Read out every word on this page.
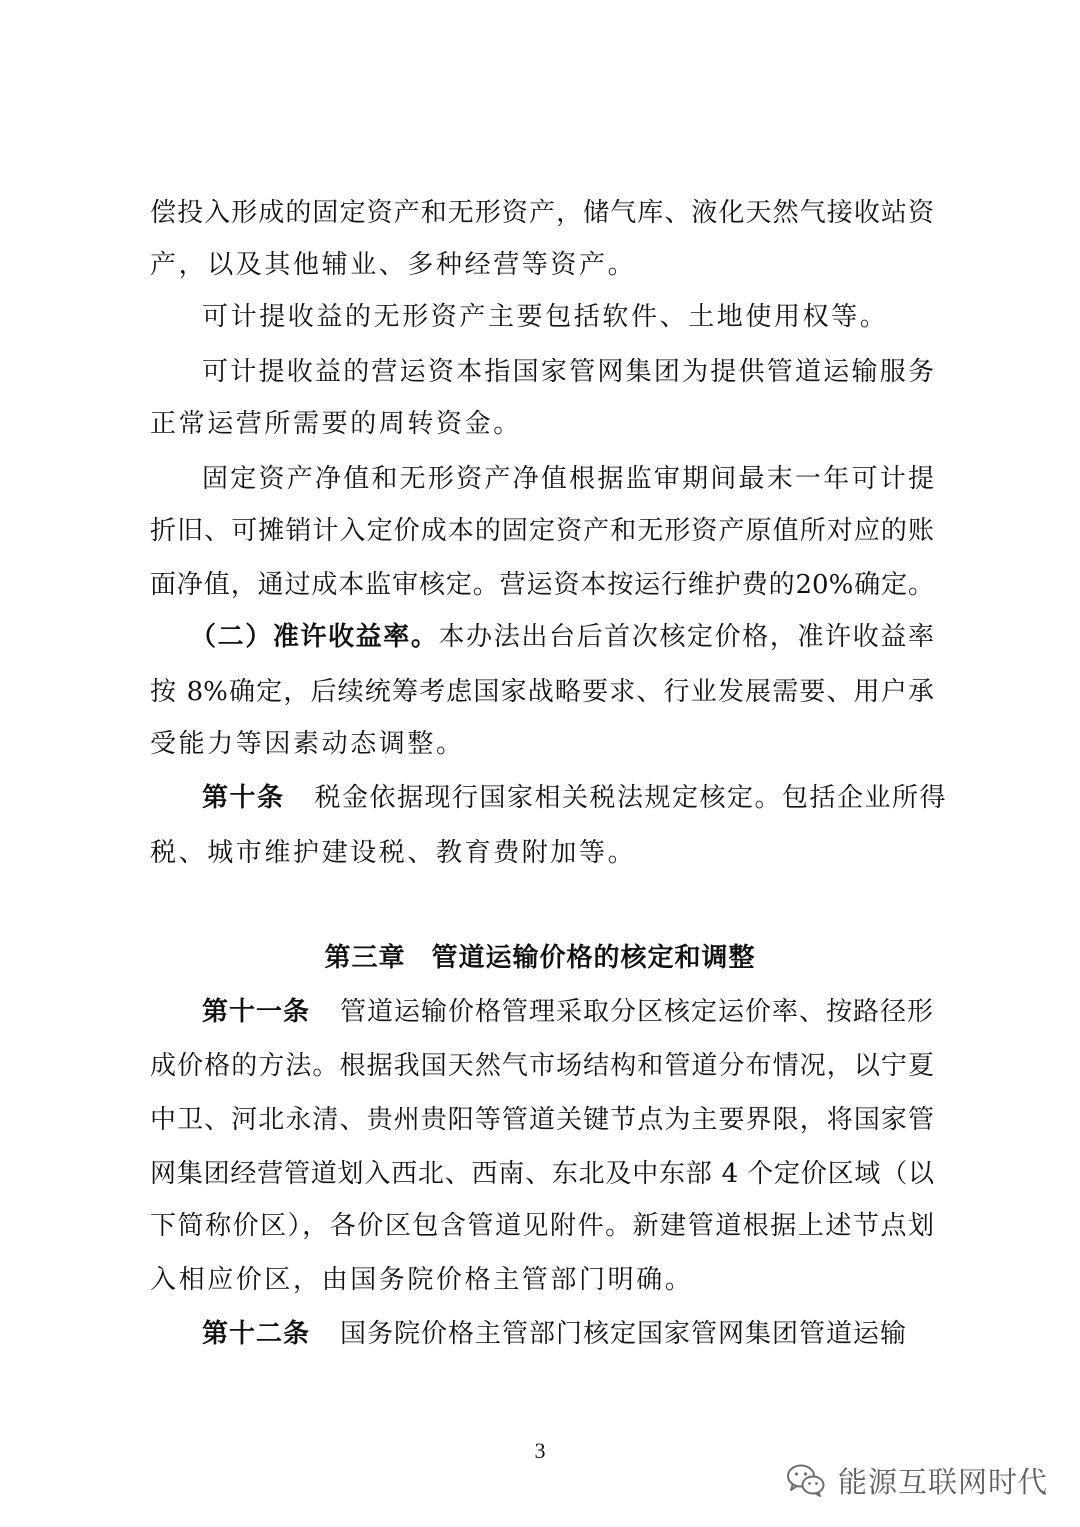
偿投入形成的固定资产和无形资产，储气库、液化天然气接收站资
产，以及其他辅业、多种经营等资产。
可计提收益的无形资产主要包括软件、土地使用权等。
可计提收益的营运资本指国家管网集团为提供管道运输服务
正常运营所需要的周转资金。
固定资产净值和无形资产净值根据监审期间最末一年可计提
折旧、可摊销计入定价成本的固定资产和无形资产原值所对应的账
面净值，通过成本监审核定。营运资本按运行维护费的20%确定。
（二）准许收益率。本办法出台后首次核定价格，准许收益率
按 8%确定，后续统筹考虑国家战略要求、行业发展需要、用户承
受能力等因素动态调整。
第十条 税金依据现行国家相关税法规定核定。包括企业所得
税、城市维护建设税、教育费附加等。
第三章 管道运输价格的核定和调整
第十一条 管道运输价格管理采取分区核定运价率、按路径形
成价格的方法。根据我国天然气市场结构和管道分布情况，以宁夏
中卫、河北永清、贵州贵阳等管道关键节点为主要界限，将国家管
网集团经营管道划入西北、西南、东北及中东部 4 个定价区域（以
下简称价区），各价区包含管道见附件。新建管道根据上述节点划
入相应价区，由国务院价格主管部门明确。
第十二条 国务院价格主管部门核定国家管网集团管道运输
3
能源互联网时代
